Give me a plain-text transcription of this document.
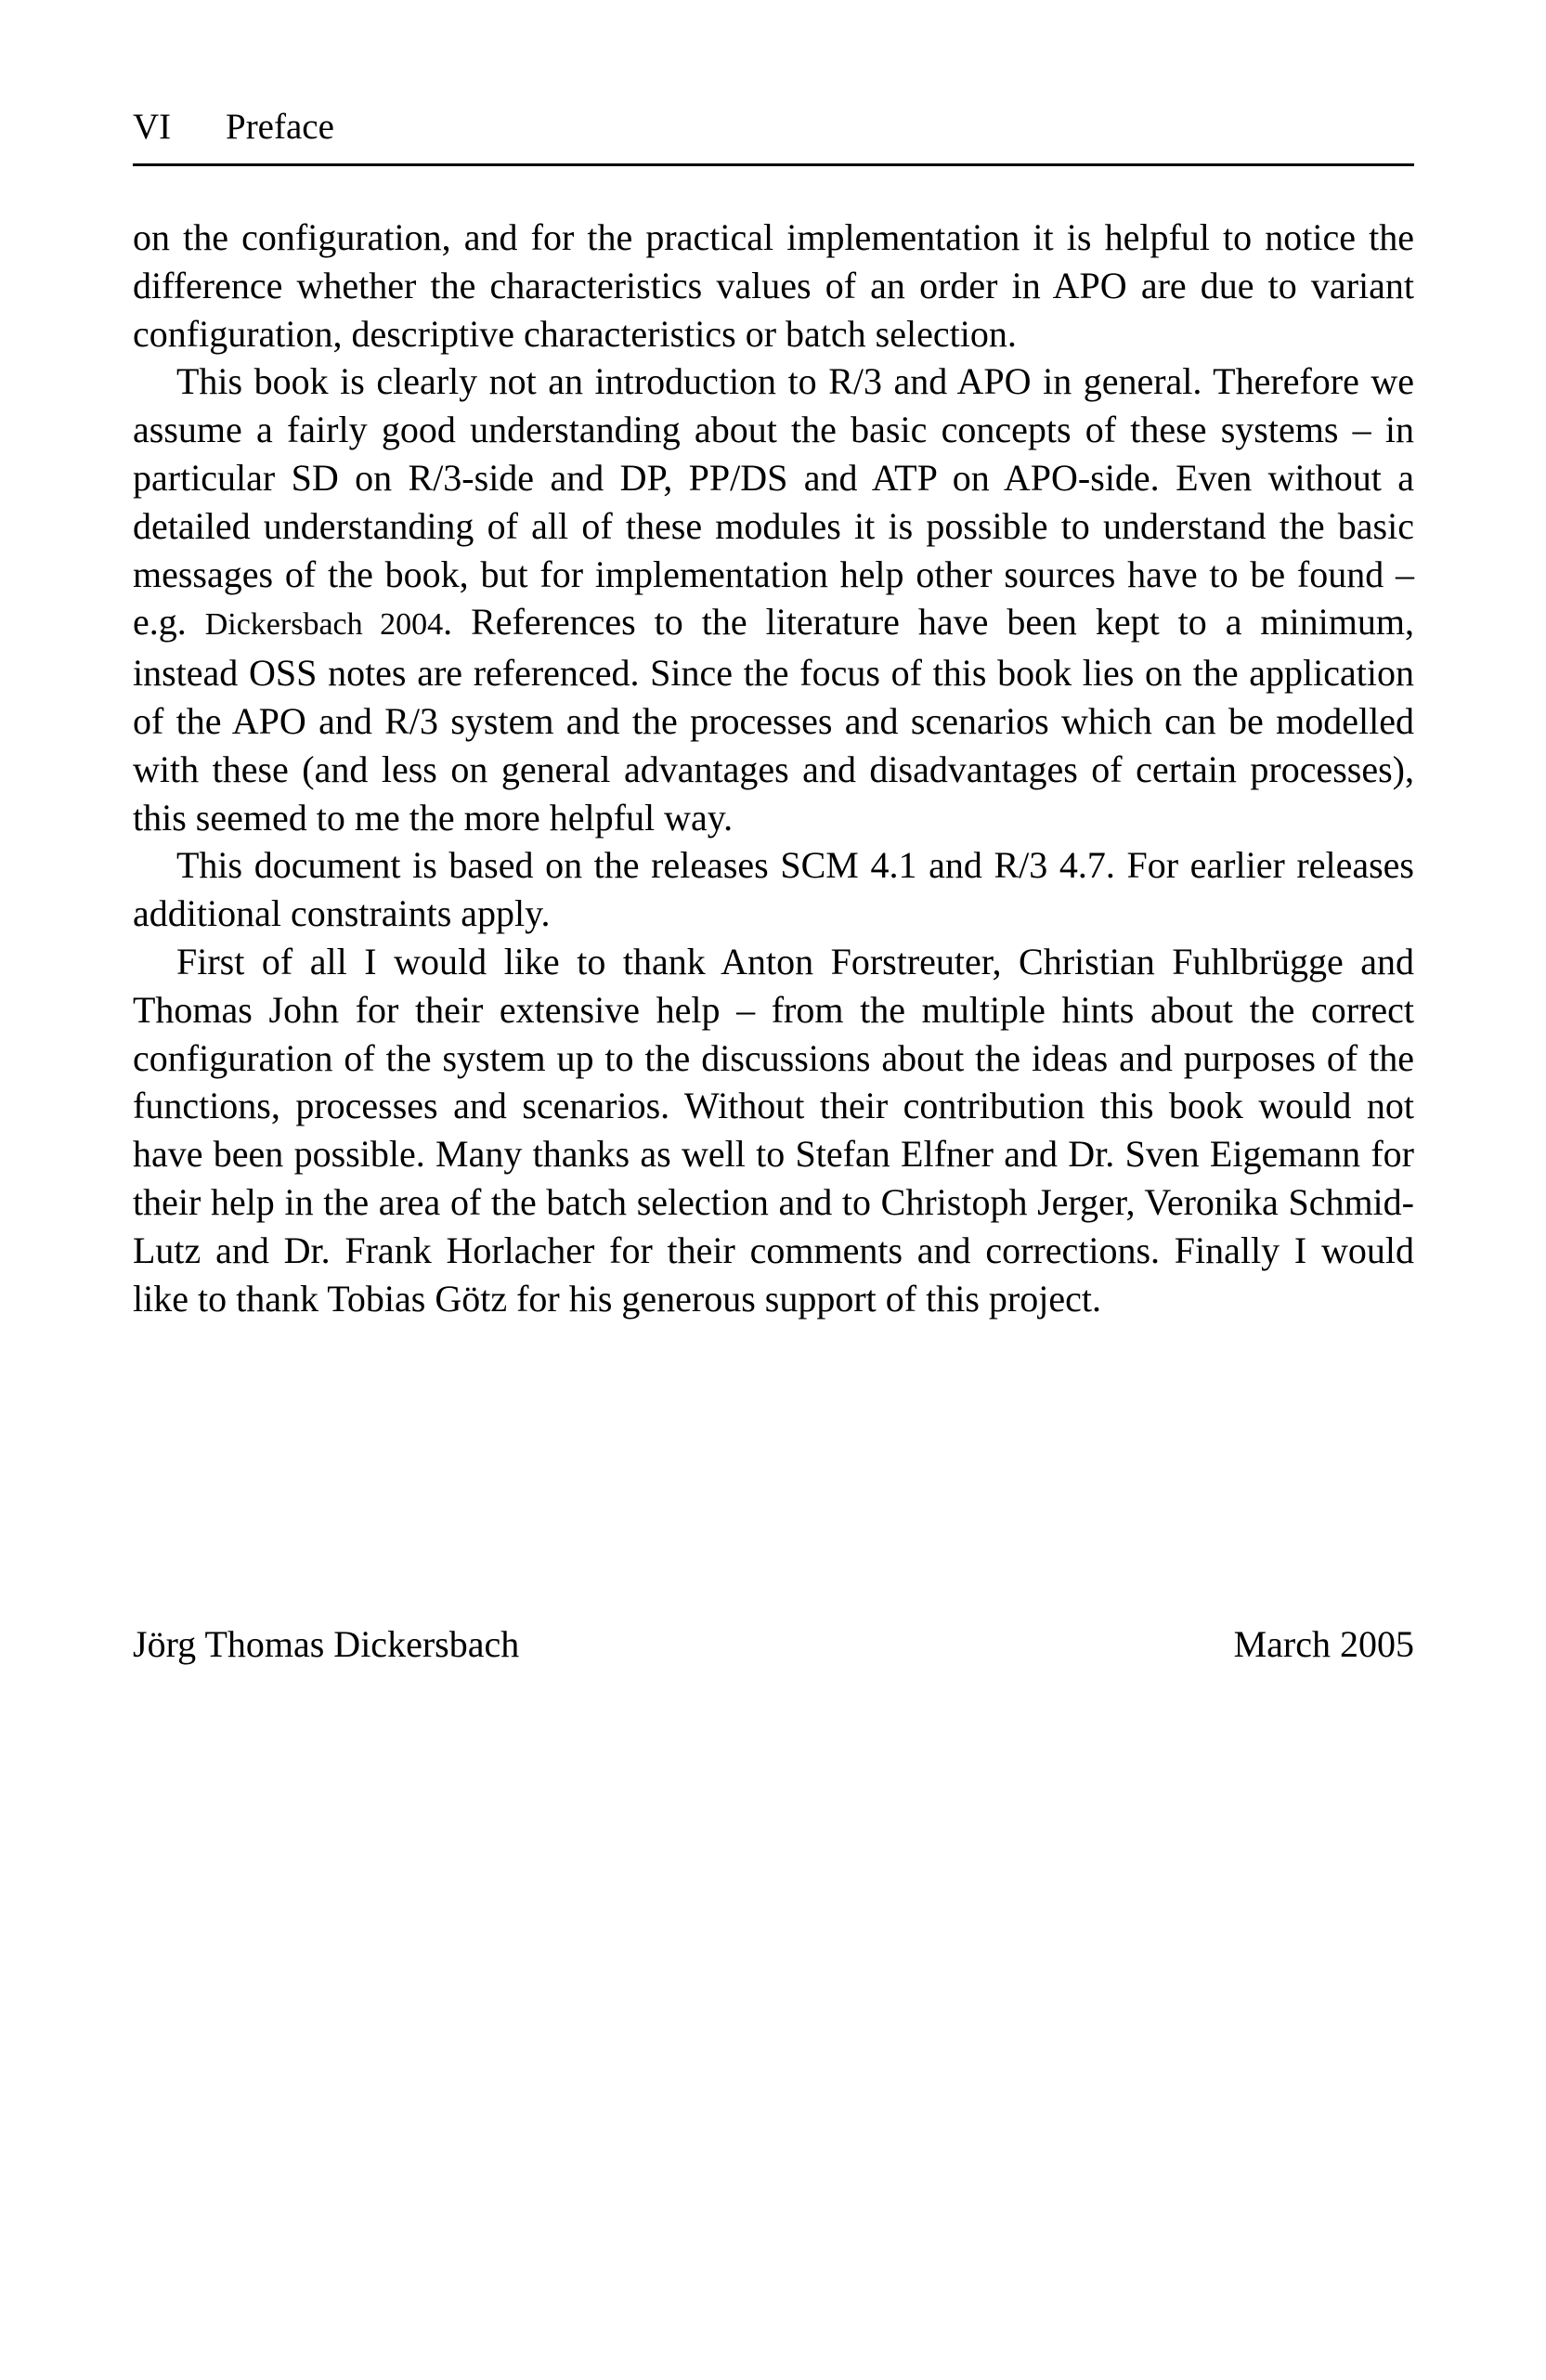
VI Preface

on the configuration, and for the practical implementation it is helpful to notice the difference whether the characteristics values of an order in APO are due to variant configuration, descriptive characteristics or batch selection.

This book is clearly not an introduction to R/3 and APO in general. Therefore we assume a fairly good understanding about the basic concepts of these systems – in particular SD on R/3-side and DP, PP/DS and ATP on APO-side. Even without a detailed understanding of all of these modules it is possible to understand the basic messages of the book, but for implementation help other sources have to be found – e.g. Dickersbach 2004. References to the literature have been kept to a minimum, instead OSS notes are referenced. Since the focus of this book lies on the application of the APO and R/3 system and the processes and scenarios which can be modelled with these (and less on general advantages and disadvantages of certain processes), this seemed to me the more helpful way.

This document is based on the releases SCM 4.1 and R/3 4.7. For earlier releases additional constraints apply.

First of all I would like to thank Anton Forstreuter, Christian Fuhlbrügge and Thomas John for their extensive help – from the multiple hints about the correct configuration of the system up to the discussions about the ideas and purposes of the functions, processes and scenarios. Without their contribution this book would not have been possible. Many thanks as well to Stefan Elfner and Dr. Sven Eigemann for their help in the area of the batch selection and to Christoph Jerger, Veronika Schmid-Lutz and Dr. Frank Horlacher for their comments and corrections. Finally I would like to thank Tobias Götz for his generous support of this project.

Jörg Thomas Dickersbach	March 2005
